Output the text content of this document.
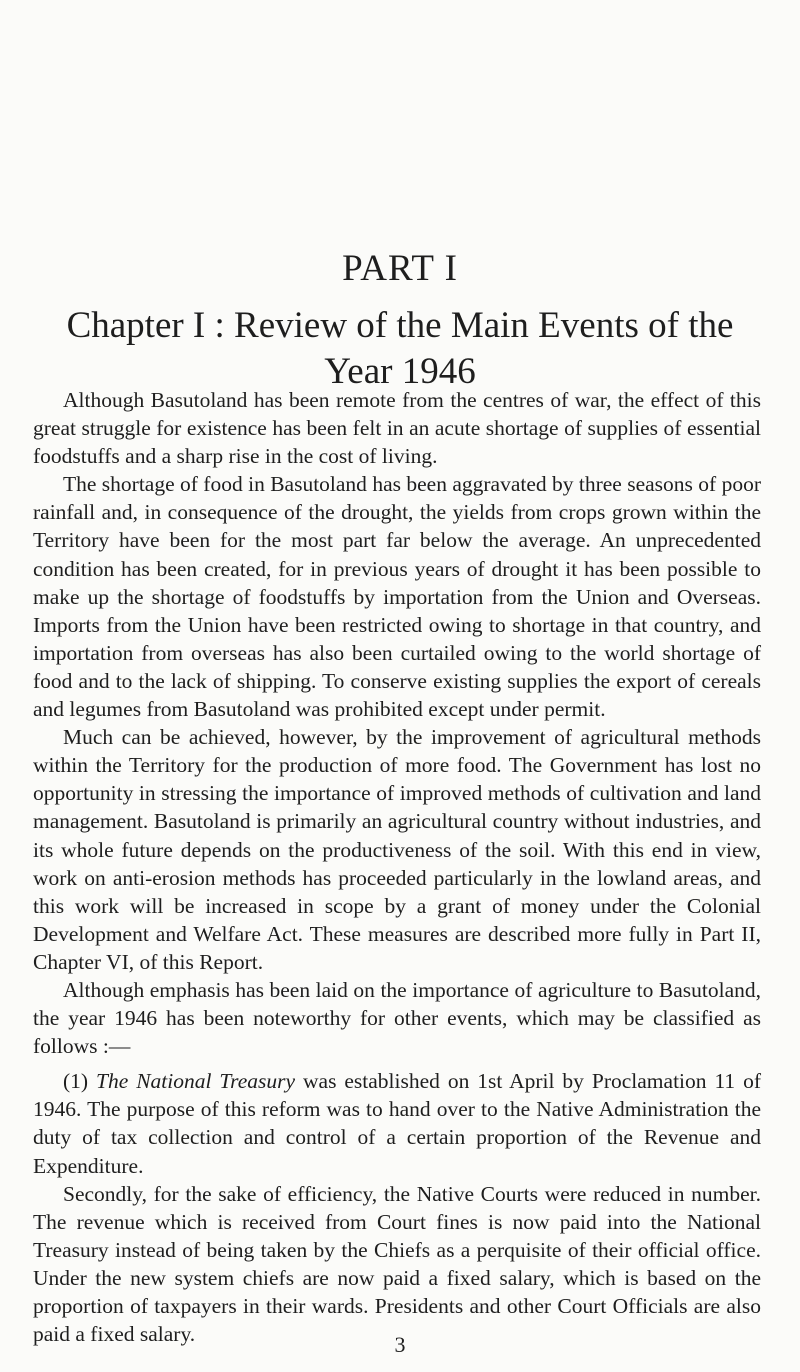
PART I
Chapter I : Review of the Main Events of the Year 1946

Although Basutoland has been remote from the centres of war, the effect of this great struggle for existence has been felt in an acute shortage of supplies of essential foodstuffs and a sharp rise in the cost of living.

The shortage of food in Basutoland has been aggravated by three seasons of poor rainfall and, in consequence of the drought, the yields from crops grown within the Territory have been for the most part far below the average. An unprecedented condition has been created, for in previous years of drought it has been possible to make up the shortage of foodstuffs by importation from the Union and Overseas. Imports from the Union have been restricted owing to shortage in that country, and importation from overseas has also been curtailed owing to the world shortage of food and to the lack of shipping. To conserve existing supplies the export of cereals and legumes from Basutoland was prohibited except under permit.

Much can be achieved, however, by the improvement of agricultural methods within the Territory for the production of more food. The Government has lost no opportunity in stressing the importance of improved methods of cultivation and land management. Basutoland is primarily an agricultural country without industries, and its whole future depends on the productiveness of the soil. With this end in view, work on anti-erosion methods has proceeded particularly in the lowland areas, and this work will be increased in scope by a grant of money under the Colonial Development and Welfare Act. These measures are described more fully in Part II, Chapter VI, of this Report.

Although emphasis has been laid on the importance of agriculture to Basutoland, the year 1946 has been noteworthy for other events, which may be classified as follows :—

(1) The National Treasury was established on 1st April by Proclamation 11 of 1946. The purpose of this reform was to hand over to the Native Administration the duty of tax collection and control of a certain proportion of the Revenue and Expenditure.

Secondly, for the sake of efficiency, the Native Courts were reduced in number. The revenue which is received from Court fines is now paid into the National Treasury instead of being taken by the Chiefs as a perquisite of their official office. Under the new system chiefs are now paid a fixed salary, which is based on the proportion of taxpayers in their wards. Presidents and other Court Officials are also paid a fixed salary.	3
